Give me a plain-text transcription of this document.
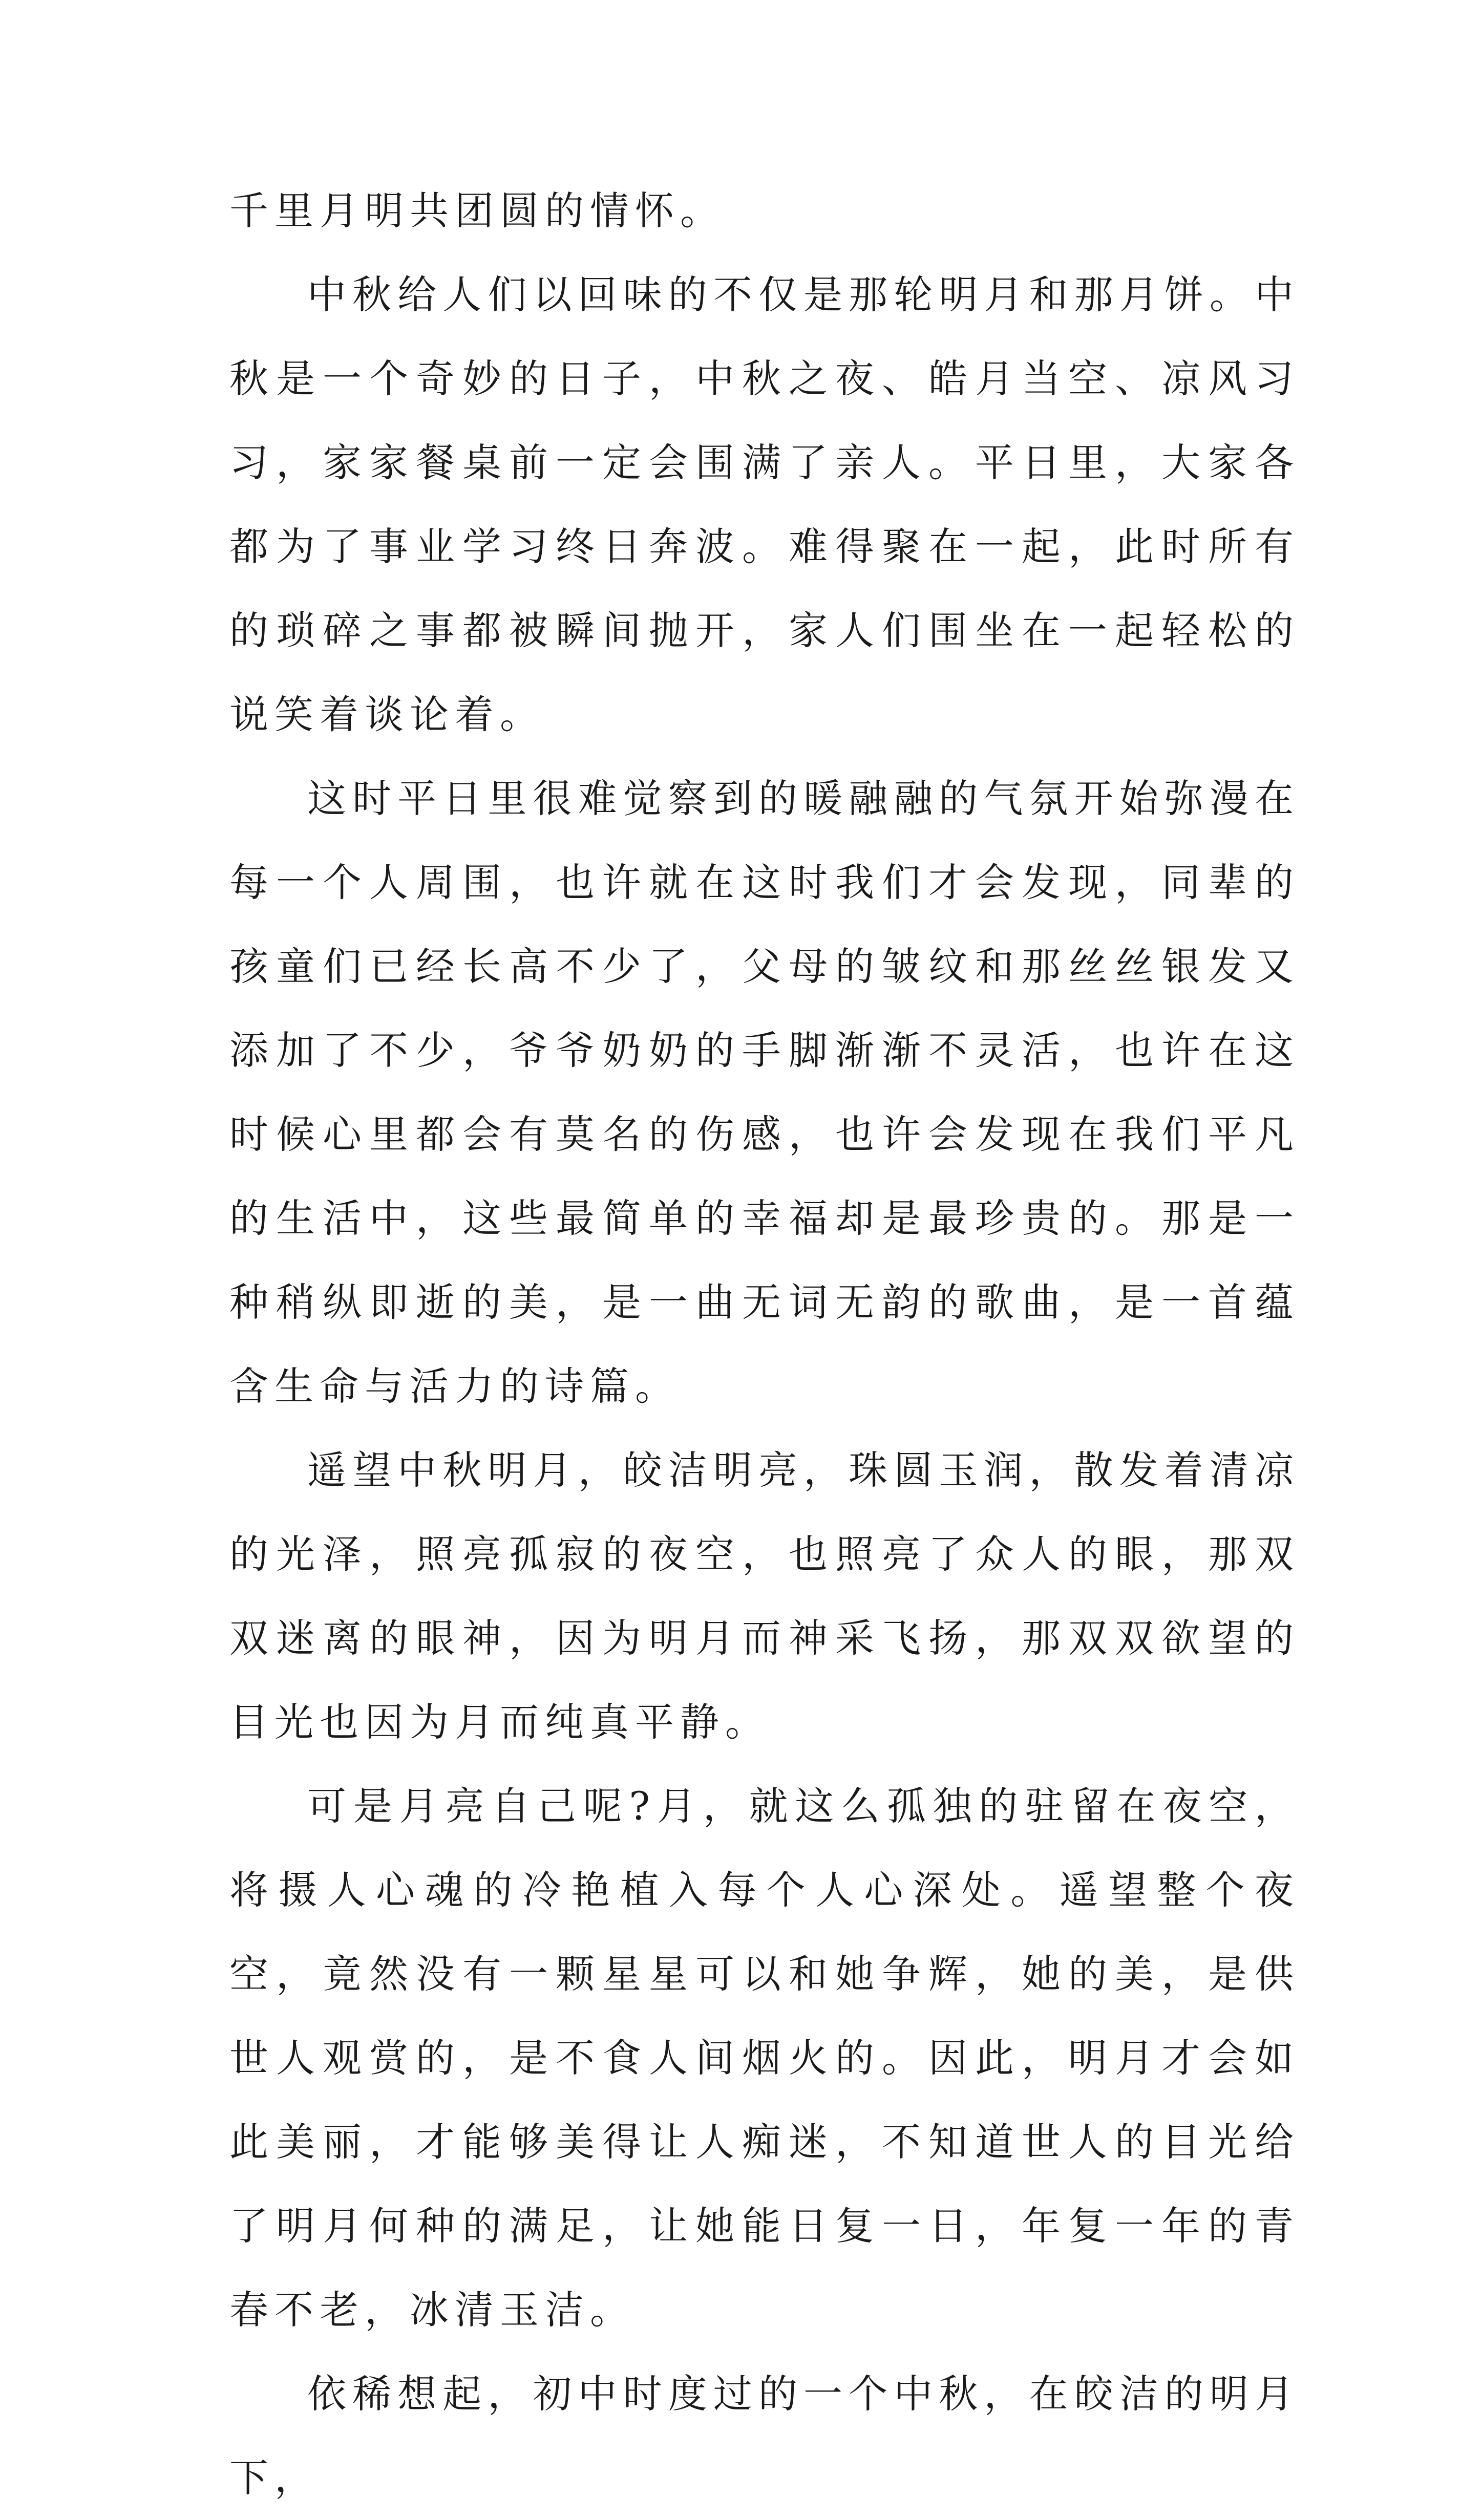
千里月明共团圆的情怀。

中秋给人们以回味的不仅是那轮明月和那月饼。中秋是一个奇妙的日子，中秋之夜、皓月当空、凉风习习，家家餐桌前一定会围满了亲人。平日里，大家各都为了事业学习终日奔波。难得聚在一起，此时所有的琐碎之事都被瞬间抛开，家人们围坐在一起轻松的说笑着谈论着。

这时平日里很难觉察到的暖融融的气氛开始弥漫在每一个人周围，也许就在这时我们才会发现，同辈的孩童们已经长高不少了，父母的皱纹和那丝丝银发又添加了不少，爷爷奶奶的手脚渐渐不灵活，也许在这时候心里都会有莫名的伤感，也许会发现在我们平凡的生活中，这些最简单的幸福却是最珍贵的。那是一种稍纵即逝的美，是一曲无词无韵的歌曲，是一首蕴含生命与活力的诗篇。

遥望中秋明月，皎洁明亮，珠圆玉润，散发着清凉的光泽，照亮孤寂的夜空，也照亮了众人的眼，那双双迷离的眼神，因为明月而神采飞扬，那双双欲望的目光也因为月而纯真平静。

可是月亮自己呢?月，就这么孤独的驻留在夜空，将摄人心魂的冷艳植入每个人心深处。遥望整个夜空，竟然没有一颗星星可以和她争辉，她的美，是供世人观赏的，是不食人间烟火的。因此，明月才会如此美丽，才能够美得让人痴迷，不知道世人的目光给了明月何种的满足，让她能日复一日，年复一年的青春不老，冰清玉洁。

依稀想起，初中时度过的一个中秋，在皎洁的明月下，
